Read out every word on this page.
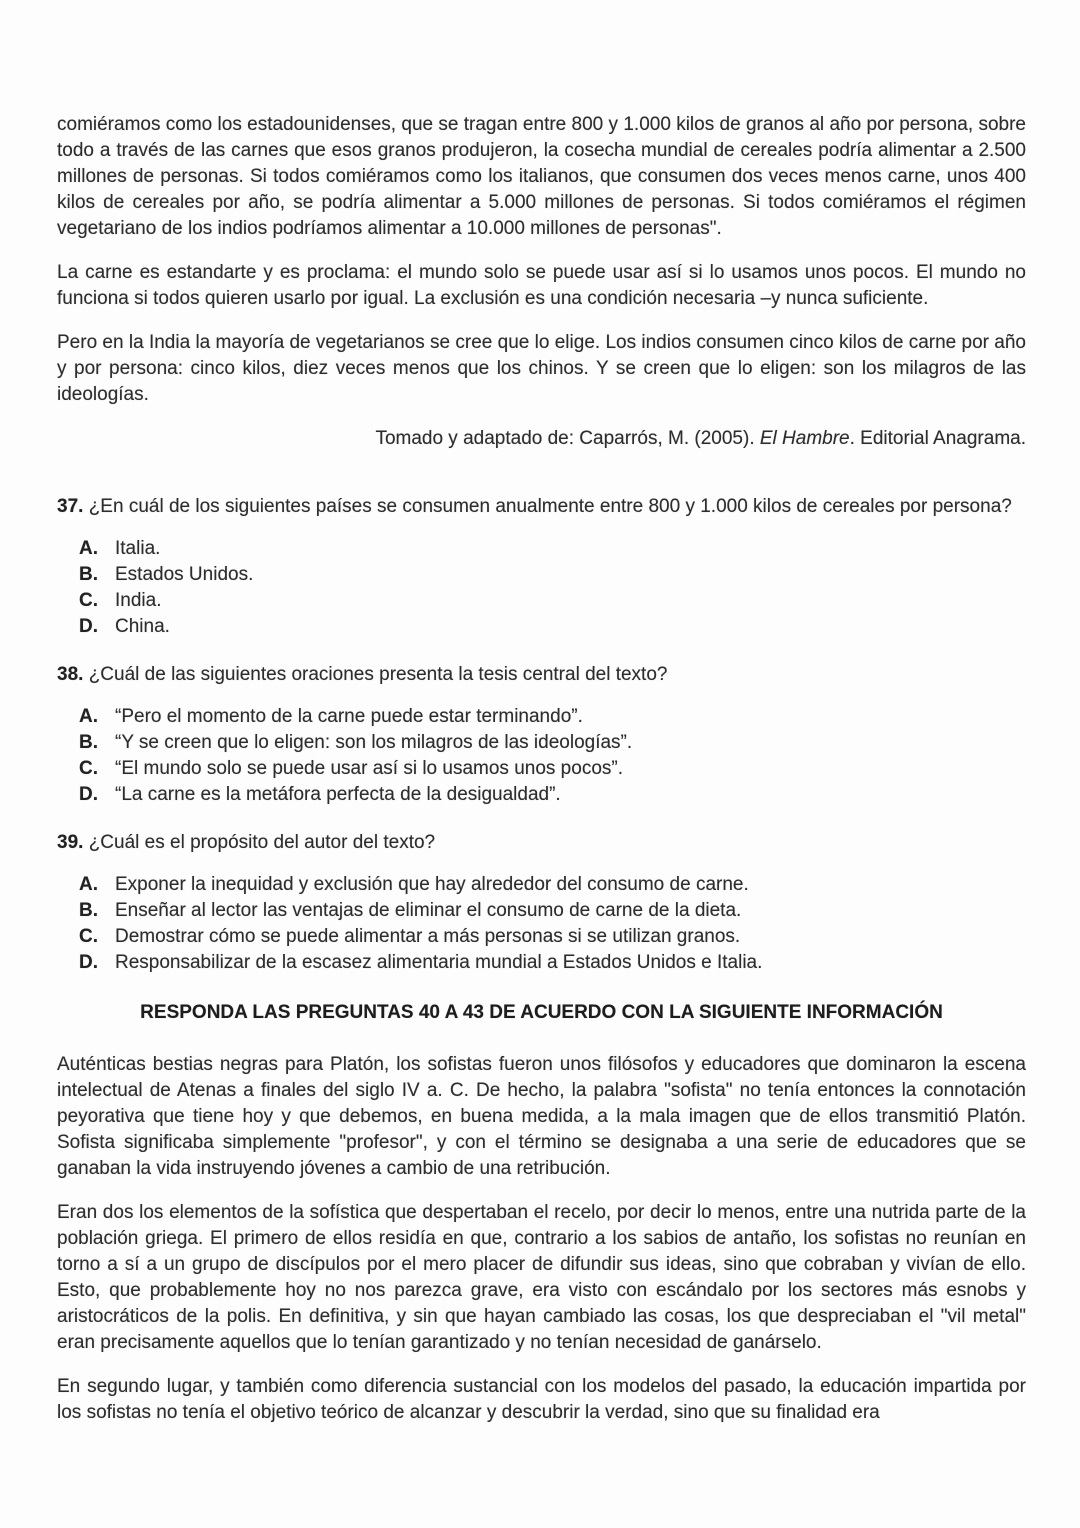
comiéramos como los estadounidenses, que se tragan entre 800 y 1.000 kilos de granos al año por persona, sobre todo a través de las carnes que esos granos produjeron, la cosecha mundial de cereales podría alimentar a 2.500 millones de personas. Si todos comiéramos como los italianos, que consumen dos veces menos carne, unos 400 kilos de cereales por año, se podría alimentar a 5.000 millones de personas. Si todos comiéramos el régimen vegetariano de los indios podríamos alimentar a 10.000 millones de personas".

La carne es estandarte y es proclama: el mundo solo se puede usar así si lo usamos unos pocos. El mundo no funciona si todos quieren usarlo por igual. La exclusión es una condición necesaria –y nunca suficiente.

Pero en la India la mayoría de vegetarianos se cree que lo elige. Los indios consumen cinco kilos de carne por año y por persona: cinco kilos, diez veces menos que los chinos. Y se creen que lo eligen: son los milagros de las ideologías.

Tomado y adaptado de: Caparrós, M. (2005). El Hambre. Editorial Anagrama.

37. ¿En cuál de los siguientes países se consumen anualmente entre 800 y 1.000 kilos de cereales por persona?

A. Italia.
B. Estados Unidos.
C. India.
D. China.

38. ¿Cuál de las siguientes oraciones presenta la tesis central del texto?

A. “Pero el momento de la carne puede estar terminando”.
B. “Y se creen que lo eligen: son los milagros de las ideologías”.
C. “El mundo solo se puede usar así si lo usamos unos pocos”.
D. “La carne es la metáfora perfecta de la desigualdad”.

39. ¿Cuál es el propósito del autor del texto?

A. Exponer la inequidad y exclusión que hay alrededor del consumo de carne.
B. Enseñar al lector las ventajas de eliminar el consumo de carne de la dieta.
C. Demostrar cómo se puede alimentar a más personas si se utilizan granos.
D. Responsabilizar de la escasez alimentaria mundial a Estados Unidos e Italia.

RESPONDA LAS PREGUNTAS 40 A 43 DE ACUERDO CON LA SIGUIENTE INFORMACIÓN

Auténticas bestias negras para Platón, los sofistas fueron unos filósofos y educadores que dominaron la escena intelectual de Atenas a finales del siglo IV a. C. De hecho, la palabra "sofista" no tenía entonces la connotación peyorativa que tiene hoy y que debemos, en buena medida, a la mala imagen que de ellos transmitió Platón. Sofista significaba simplemente "profesor", y con el término se designaba a una serie de educadores que se ganaban la vida instruyendo jóvenes a cambio de una retribución.

Eran dos los elementos de la sofística que despertaban el recelo, por decir lo menos, entre una nutrida parte de la población griega. El primero de ellos residía en que, contrario a los sabios de antaño, los sofistas no reunían en torno a sí a un grupo de discípulos por el mero placer de difundir sus ideas, sino que cobraban y vivían de ello. Esto, que probablemente hoy no nos parezca grave, era visto con escándalo por los sectores más esnobs y aristocráticos de la polis. En definitiva, y sin que hayan cambiado las cosas, los que despreciaban el "vil metal" eran precisamente aquellos que lo tenían garantizado y no tenían necesidad de ganárselo.

En segundo lugar, y también como diferencia sustancial con los modelos del pasado, la educación impartida por los sofistas no tenía el objetivo teórico de alcanzar y descubrir la verdad, sino que su finalidad era
